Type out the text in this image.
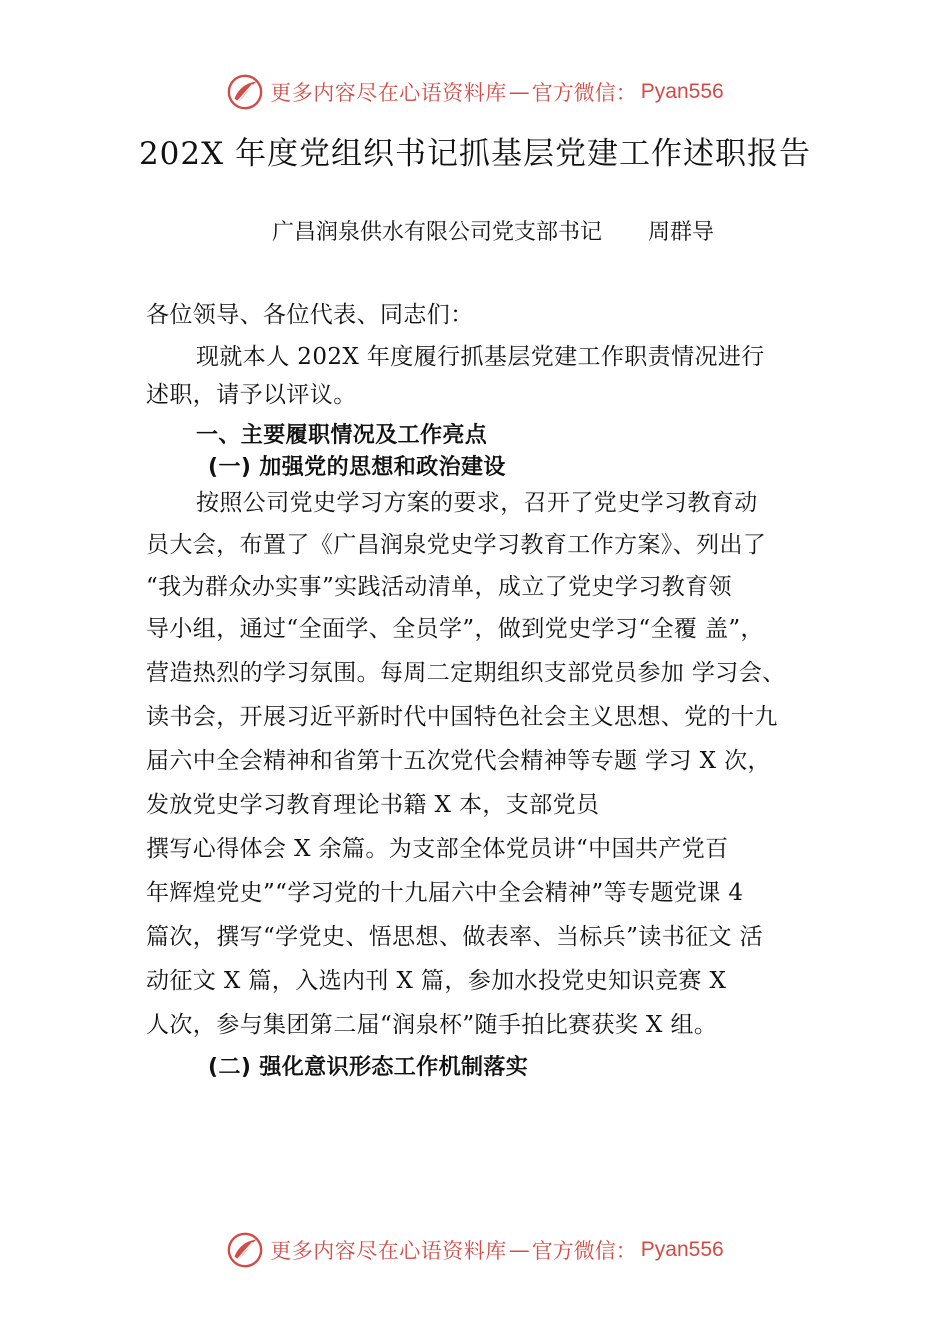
更多内容尽在心语资料库 — 官方微信： Pyan556
202X 年度党组织书记抓基层党建工作述职报告
广昌润泉供水有限公司党支部书记 周群导
各位领导、各位代表、同志们：
现就本人 202X 年度履行抓基层党建工作职责情况进行
述职，请予以评议。
一、主要履职情况及工作亮点
(一) 加强党的思想和政治建设
按照公司党史学习方案的要求，召开了党史学习教育动
员大会，布置了《广昌润泉党史学习教育工作方案》、列出了
“我为群众办实事”实践活动清单，成立了党史学习教育领
导小组，通过“全面学、全员学”，做到党史学习“全覆 盖”，
营造热烈的学习氛围。每周二定期组织支部党员参加 学习会、
读书会，开展习近平新时代中国特色社会主义思想、党的十九
届六中全会精神和省第十五次党代会精神等专题 学习 X 次，
发放党史学习教育理论书籍 X 本，支部党员
撰写心得体会 X 余篇。为支部全体党员讲“中国共产党百
年辉煌党史”“学习党的十九届六中全会精神”等专题党课 4
篇次，撰写“学党史、悟思想、做表率、当标兵”读书征文 活
动征文 X 篇，入选内刊 X 篇，参加水投党史知识竞赛 X
人次，参与集团第二届“润泉杯”随手拍比赛获奖 X 组。
(二) 强化意识形态工作机制落实
更多内容尽在心语资料库 — 官方微信： Pyan556
